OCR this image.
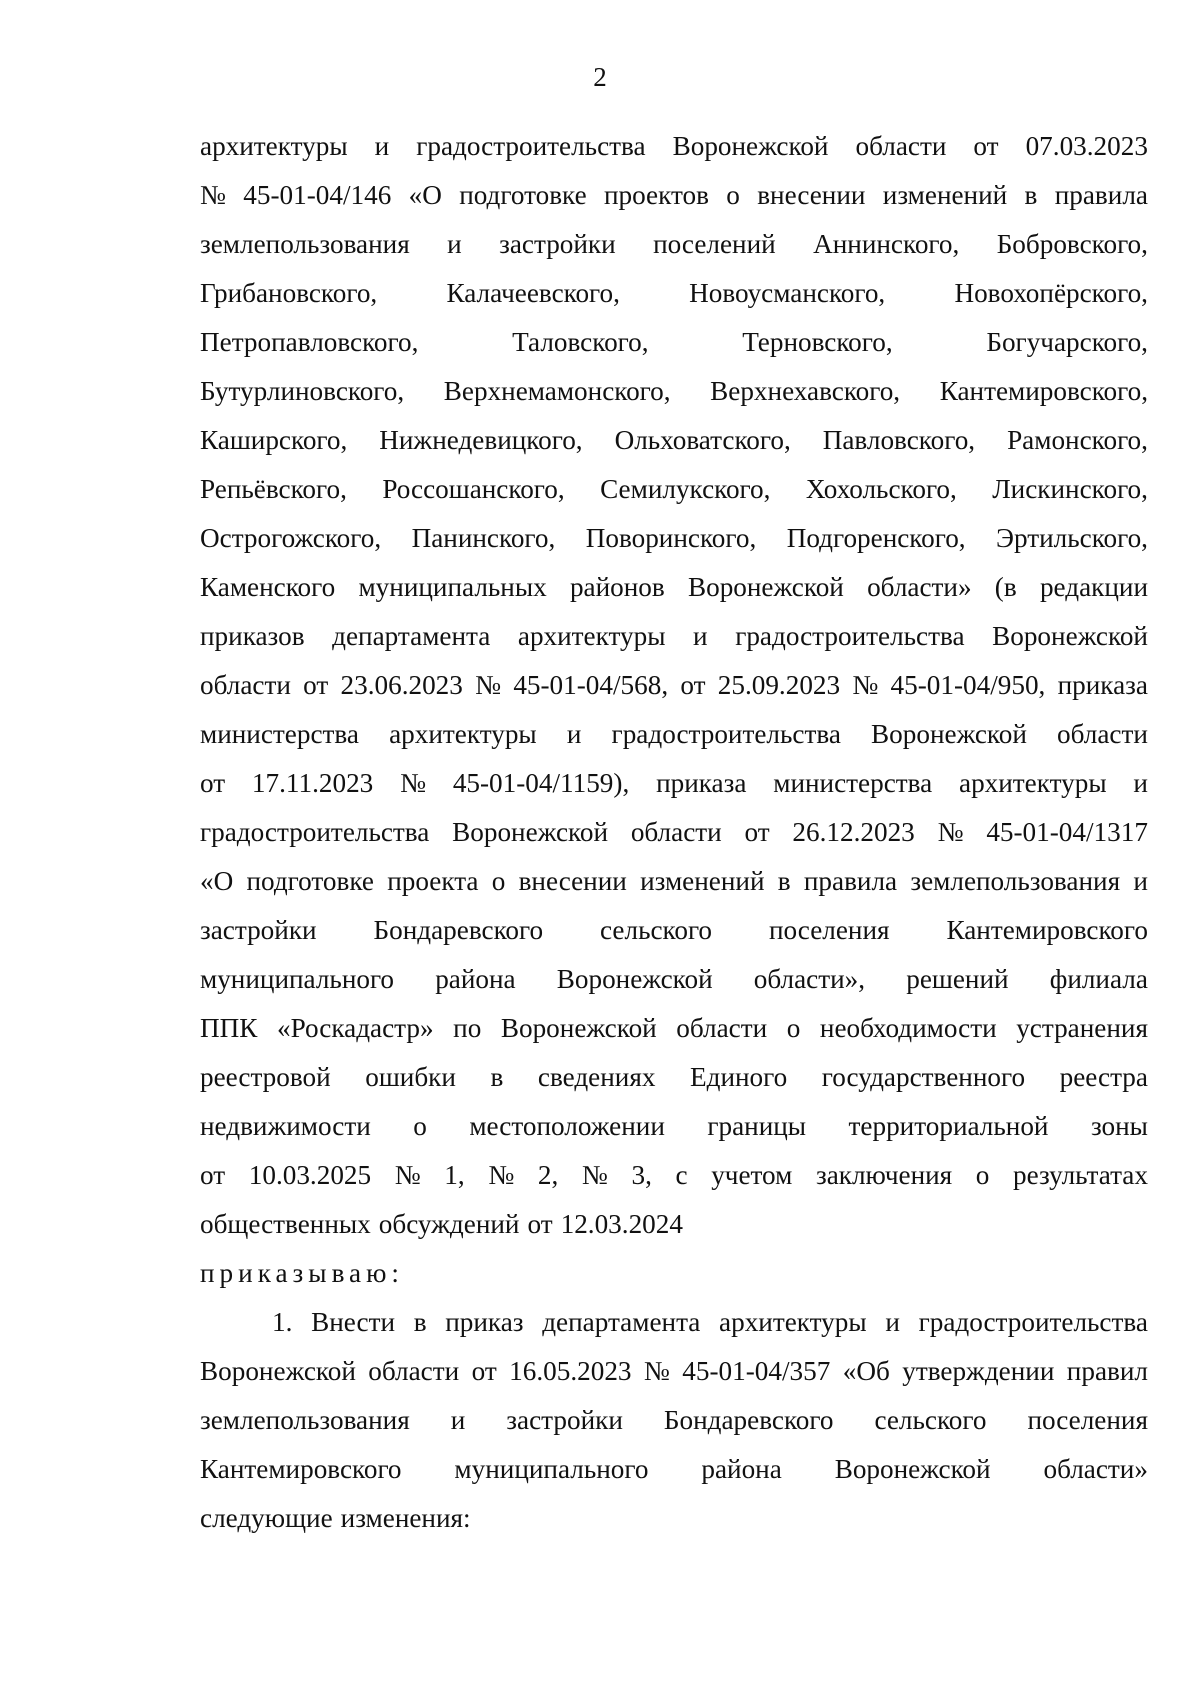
2
архитектуры и градостроительства Воронежской области от 07.03.2023
№ 45-01-04/146 «О подготовке проектов о внесении изменений в правила
землепользования и застройки поселений Аннинского, Бобровского,
Грибановского,	Калачеевского,	Новоусманского,	Новохопёрского,
Петропавловского,	Таловского,	Терновского,	Богучарского,
Бутурлиновского, Верхнемамонского, Верхнехавского, Кантемировского,
Каширского, Нижнедевицкого, Ольховатского, Павловского, Рамонского,
Репьёвского, Россошанского, Семилукского, Хохольского, Лискинского,
Острогожского, Панинского, Поворинского, Подгоренского, Эртильского,
Каменского муниципальных районов Воронежской области» (в редакции
приказов департамента архитектуры и градостроительства Воронежской
области от 23.06.2023 № 45-01-04/568, от 25.09.2023 № 45-01-04/950, приказа
министерства архитектуры и градостроительства Воронежской области
от 17.11.2023 № 45-01-04/1159), приказа министерства архитектуры и
градостроительства Воронежской области от 26.12.2023 № 45-01-04/1317
«О подготовке проекта о внесении изменений в правила землепользования и
застройки Бондаревского сельского поселения Кантемировского
муниципального района Воронежской области», решений филиала
ППК «Роскадастр» по Воронежской области о необходимости устранения
реестровой ошибки в сведениях Единого государственного реестра
недвижимости о местоположении границы территориальной зоны
от 10.03.2025 № 1, № 2, № 3, с учетом заключения о результатах
общественных обсуждений от 12.03.2024
приказываю:
1. Внести в приказ департамента архитектуры и градостроительства
Воронежской области от 16.05.2023 № 45-01-04/357 «Об утверждении правил
землепользования и застройки Бондаревского сельского поселения
Кантемировского муниципального района Воронежской области»
следующие изменения:
